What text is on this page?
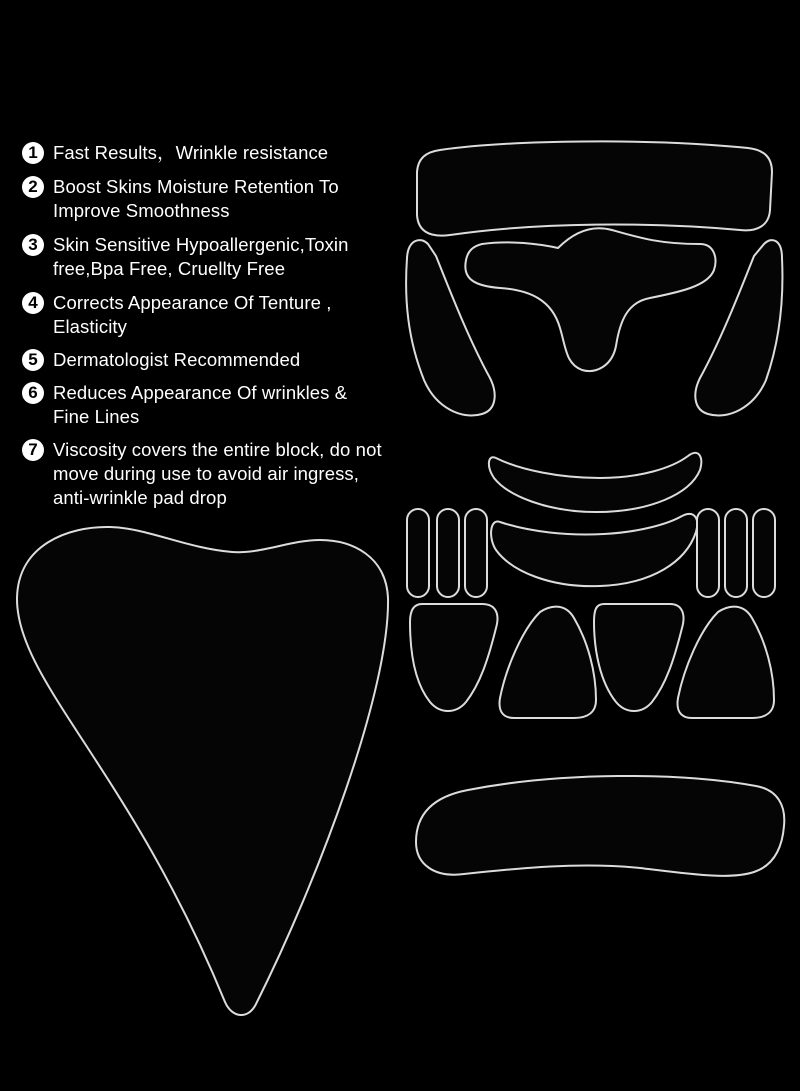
1 Fast Results，Wrinkle resistance
2 Boost Skins Moisture Retention To Improve Smoothness
3 Skin Sensitive Hypoallergenic,Toxin free,Bpa Free, Cruellty Free
4 Corrects Appearance Of Tenture , Elasticity
5 Dermatologist Recommended
6 Reduces Appearance Of wrinkles & Fine Lines
7 Viscosity covers the entire block, do not move during use to avoid air ingress, anti-wrinkle pad drop
